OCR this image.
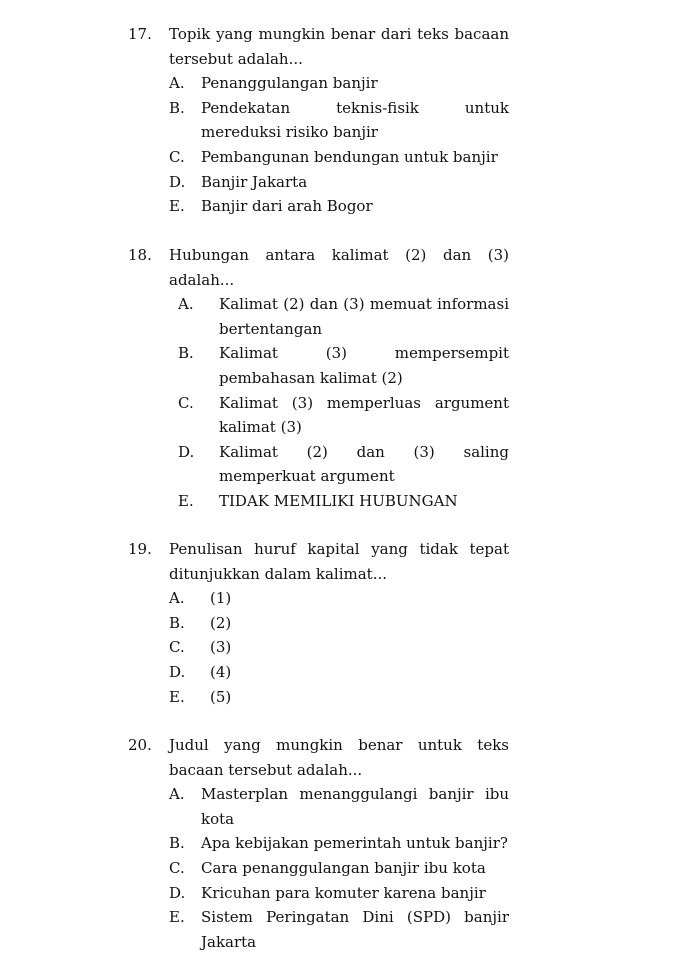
17. Topik yang mungkin benar dari teks bacaan tersebut adalah...
A. Penanggulangan banjir
B. Pendekatan teknis-fisik untuk mereduksi risiko banjir
C. Pembangunan bendungan untuk banjir
D. Banjir Jakarta
E. Banjir dari arah Bogor
18. Hubungan antara kalimat (2) dan (3) adalah...
A. Kalimat (2) dan (3) memuat informasi bertentangan
B. Kalimat (3) mempersempit pembahasan kalimat (2)
C. Kalimat (3) memperluas argument kalimat (3)
D. Kalimat (2) dan (3) saling memperkuat argument
E. TIDAK MEMILIKI HUBUNGAN
19. Penulisan huruf kapital yang tidak tepat ditunjukkan dalam kalimat...
A. (1)
B. (2)
C. (3)
D. (4)
E. (5)
20. Judul yang mungkin benar untuk teks bacaan tersebut adalah...
A. Masterplan menanggulangi banjir ibu kota
B. Apa kebijakan pemerintah untuk banjir?
C. Cara penanggulangan banjir ibu kota
D. Kricuhan para komuter karena banjir
E. Sistem Peringatan Dini (SPD) banjir Jakarta
